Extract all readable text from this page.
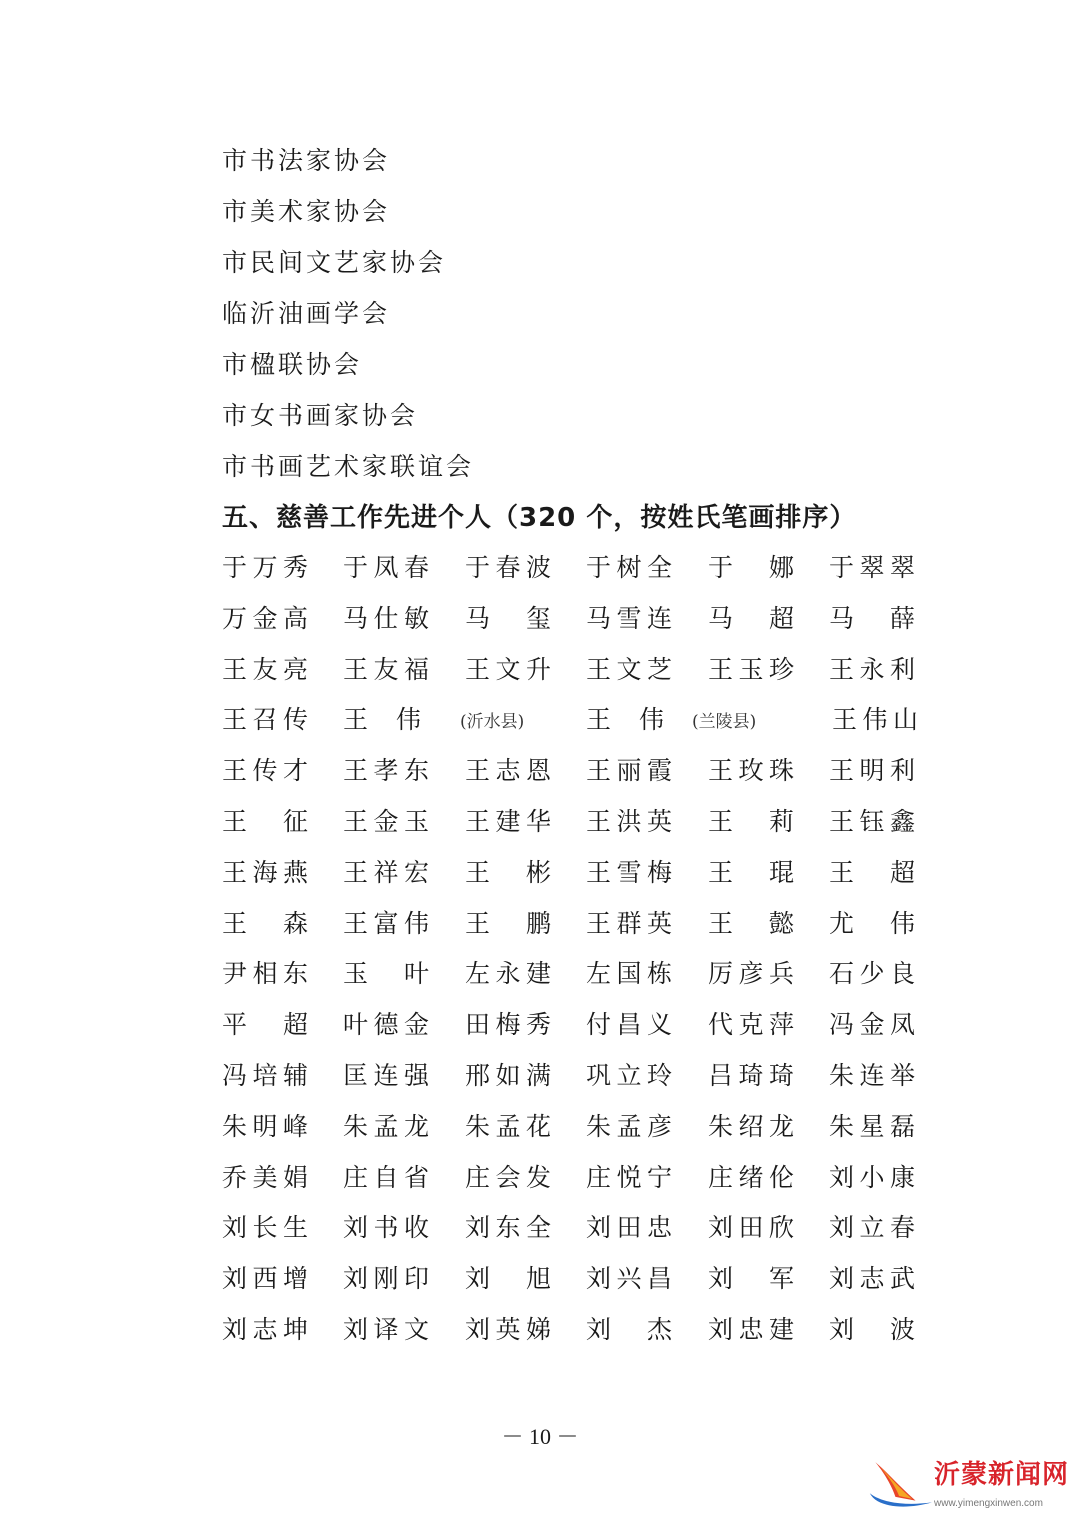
市书法家协会
市美术家协会
市民间文艺家协会
临沂油画学会
市楹联协会
市女书画家协会
市书画艺术家联谊会
五、慈善工作先进个人（320 个，按姓氏笔画排序）
于万秀 于凤春 于春波 于树全 于娜 于翠翠
万金高 马仕敏 马玺 马雪连 马超 马薛
王友亮 王友福 王文升 王文芝 王玉珍 王永利
王召传 王伟 (沂水县) 王伟 (兰陵县)	王伟山
王传才 王孝东 王志恩 王丽霞 王玫珠 王明利
王征 王金玉 王建华 王洪英 王莉 王钰鑫
王海燕 王祥宏 王彬 王雪梅 王琨 王超
王森 王富伟 王鹏 王群英 王懿 尤伟
尹相东 玉叶 左永建 左国栋 厉彦兵 石少良
平超 叶德金 田梅秀 付昌义 代克萍 冯金凤
冯培辅 匡连强 邢如满 巩立玲 吕琦琦 朱连举
朱明峰 朱孟龙 朱孟花 朱孟彦 朱绍龙 朱星磊
乔美娟 庄自省 庄会发 庄悦宁 庄绪伦 刘小康
刘长生 刘书收 刘东全 刘田忠 刘田欣 刘立春
刘西增 刘刚印 刘旭 刘兴昌 刘军 刘志武
刘志坤 刘译文 刘英娣 刘杰 刘忠建 刘波
－ 10 －
沂蒙新闻网
www.yimengxinwen.com
